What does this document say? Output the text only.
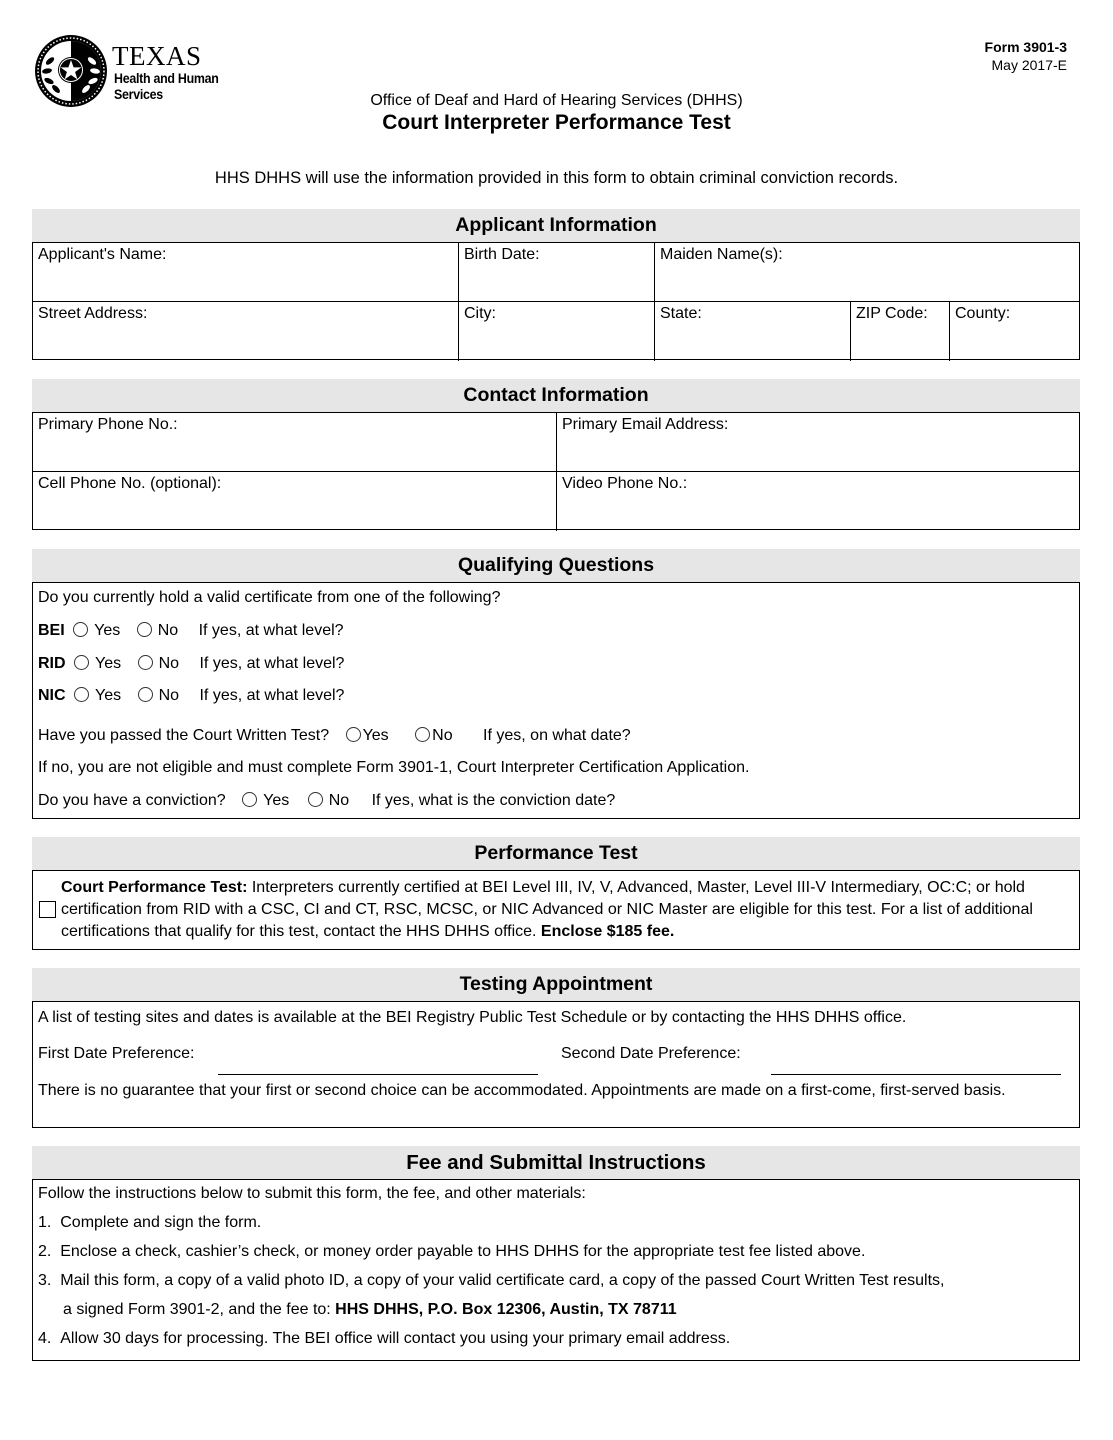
TEXAS
Health and Human
Services
Form 3901-3
May 2017-E
Office of Deaf and Hard of Hearing Services (DHHS)
Court Interpreter Performance Test
HHS DHHS will use the information provided in this form to obtain criminal conviction records.
Applicant Information
Applicant's Name:	Birth Date:	Maiden Name(s):
Street Address:	City:	State:	ZIP Code:	County:
Contact Information
Primary Phone No.:	Primary Email Address:
Cell Phone No. (optional):	Video Phone No.:
Qualifying Questions
Do you currently hold a valid certificate from one of the following?
BEI Yes No If yes, at what level?
RID Yes No If yes, at what level?
NIC Yes No If yes, at what level?
Have you passed the Court Written Test? Yes	No If yes, on what date?
If no, you are not eligible and must complete Form 3901-1, Court Interpreter Certification Application.
Do you have a conviction? Yes No If yes, what is the conviction date?
Performance Test
Court Performance Test: Interpreters currently certified at BEI Level III, IV, V, Advanced, Master, Level III-V Intermediary, OC:C; or hold certification from RID with a CSC, CI and CT, RSC, MCSC, or NIC Advanced or NIC Master are eligible for this test. For a list of additional certifications that qualify for this test, contact the HHS DHHS office. Enclose $185 fee.
Testing Appointment
A list of testing sites and dates is available at the BEI Registry Public Test Schedule or by contacting the HHS DHHS office.
First Date Preference:	Second Date Preference:
There is no guarantee that your first or second choice can be accommodated. Appointments are made on a first-come, first-served basis.
Fee and Submittal Instructions
Follow the instructions below to submit this form, the fee, and other materials:
1. Complete and sign the form.
2. Enclose a check, cashier’s check, or money order payable to HHS DHHS for the appropriate test fee listed above.
3. Mail this form, a copy of a valid photo ID, a copy of your valid certificate card, a copy of the passed Court Written Test results,
a signed Form 3901-2, and the fee to: HHS DHHS, P.O. Box 12306, Austin, TX 78711
4. Allow 30 days for processing. The BEI office will contact you using your primary email address.
